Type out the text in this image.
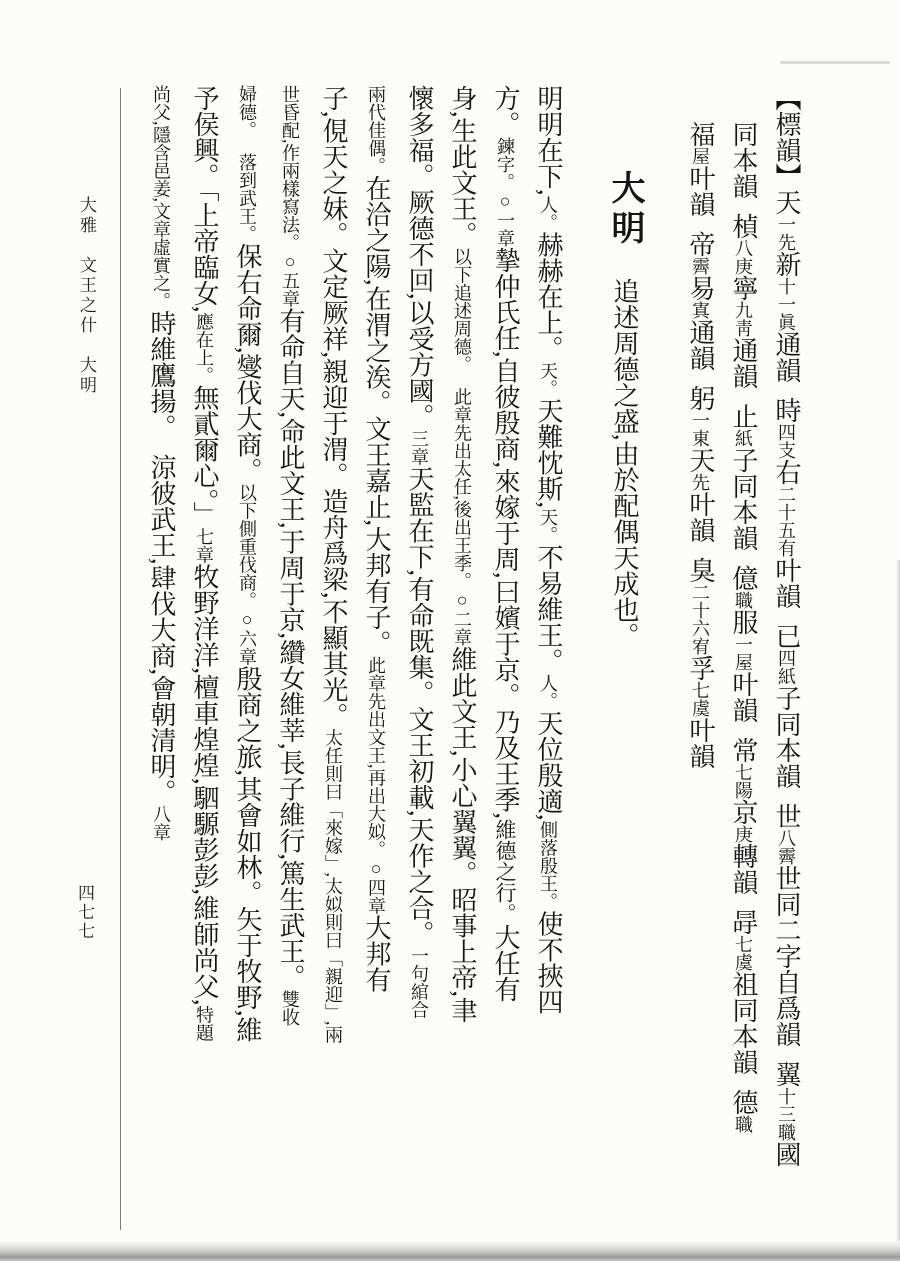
【標韻】天一先新十一眞通韻時四支右二十五有叶韻已四紙子同本韻世八霽世同二字自爲韻翼十三職國
同本韻楨八庚寧九靑通韻止紙子同本韻億職服一屋叶韻常七陽京庚轉韻冔七虞祖同本韻德職
福屋叶韻帝霽易寘通韻躬一東天先叶韻臭二十六宥孚七虞叶韻
大明追述周德之盛,由於配偶天成也。
明明在下,人。赫赫在上。天。天難忱斯,天。不易維王。人。天位殷適,側落殷王。使不挾四
方。鍊字。○一章摯仲氏任,自彼殷商,來嫁于周,曰嬪于京。乃及王季,維德之行。大任有
身,生此文王。以下追述周德。此章先出太任,後出王季。○二章維此文王,小心翼翼。昭事上帝,聿
懷多福。厥德不回,以受方國。三章天監在下,有命既集。文王初載,天作之合。一句綰合
兩代佳偶。在洽之陽,在渭之涘。文王嘉止,大邦有子。此章先出文王,再出大姒。○四章大邦有
子,俔天之妹。文定厥祥,親迎于渭。造舟爲梁,不顯其光。太任則曰「來嫁」,太姒則曰「親迎」,兩
世昏配,作兩樣寫法。○五章有命自天,命此文王,于周于京,纘女維莘,長子維行,篤生武王。雙收
婦德。落到武王。保右命爾,燮伐大商。以下側重伐商。○六章殷商之旅,其會如林。矢于牧野,維
予侯興。「上帝臨女,應在上。無貳爾心。」七章牧野洋洋,檀車煌煌,駟騵彭彭,維師尚父,特題
尚父,隱含邑姜,文章虛實之。時維鷹揚。涼彼武王,肆伐大商,會朝清明。八章
大雅　文王之什　大明
四七七
